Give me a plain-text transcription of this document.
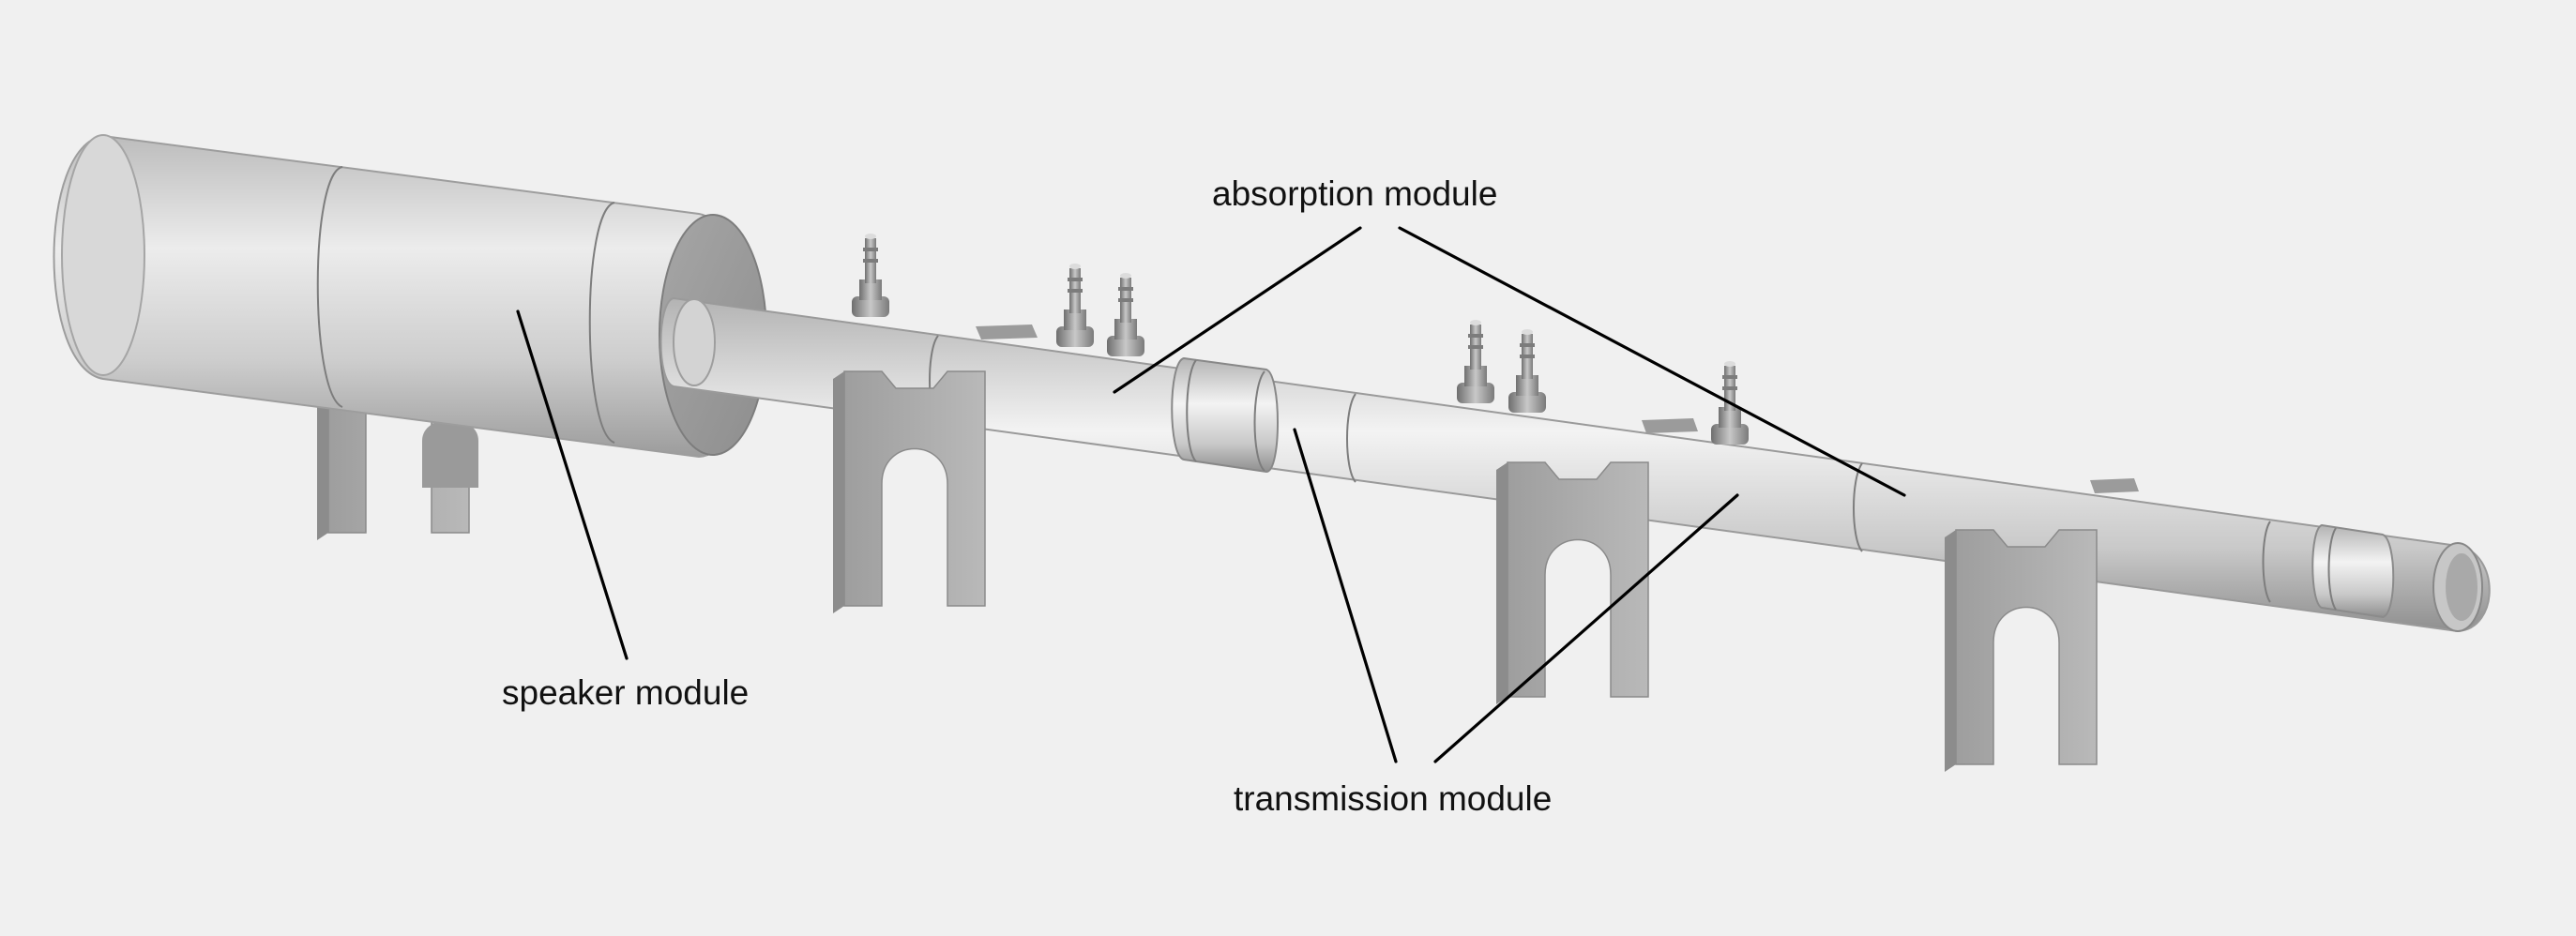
absorption module
speaker module
transmission module
